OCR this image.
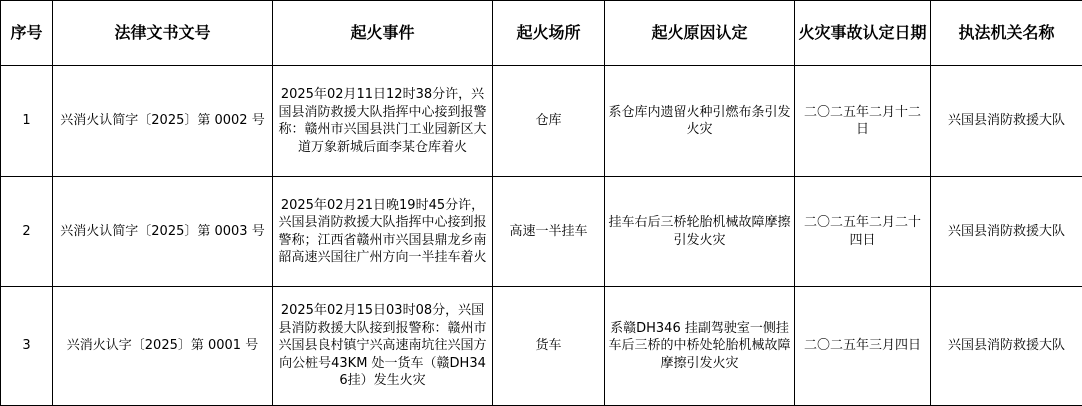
序号	法律文书文号	起火事件	起火场所	起火原因认定	火灾事故认定日期	执法机关名称
1	兴消火认简字〔2025〕第 0002 号	2025年02月11日12时38分许，兴国县消防救援大队指挥中心接到报警称：赣州市兴国县洪门工业园新区大道万象新城后面李某仓库着火	仓库	系仓库内遗留火种引燃布条引发火灾	二〇二五年二月十二日	兴国县消防救援大队
2	兴消火认简字〔2025〕第 0003 号	2025年02月21日晚19时45分许，兴国县消防救援大队指挥中心接到报警称；江西省赣州市兴国县鼎龙乡南韶高速兴国往广州方向一半挂车着火	高速一半挂车	挂车右后三桥轮胎机械故障摩擦引发火灾	二〇二五年二月二十四日	兴国县消防救援大队
3	兴消火认字〔2025〕第 0001 号	2025年02月15日03时08分，兴国县消防救援大队接到报警称：赣州市兴国县良村镇宁兴高速南坑往兴国方向公桩号43KM 处一货车（赣DH346挂）发生火灾	货车	系赣DH346 挂副驾驶室一侧挂车后三桥的中桥处轮胎机械故障摩擦引发火灾	二〇二五年三月四日	兴国县消防救援大队
